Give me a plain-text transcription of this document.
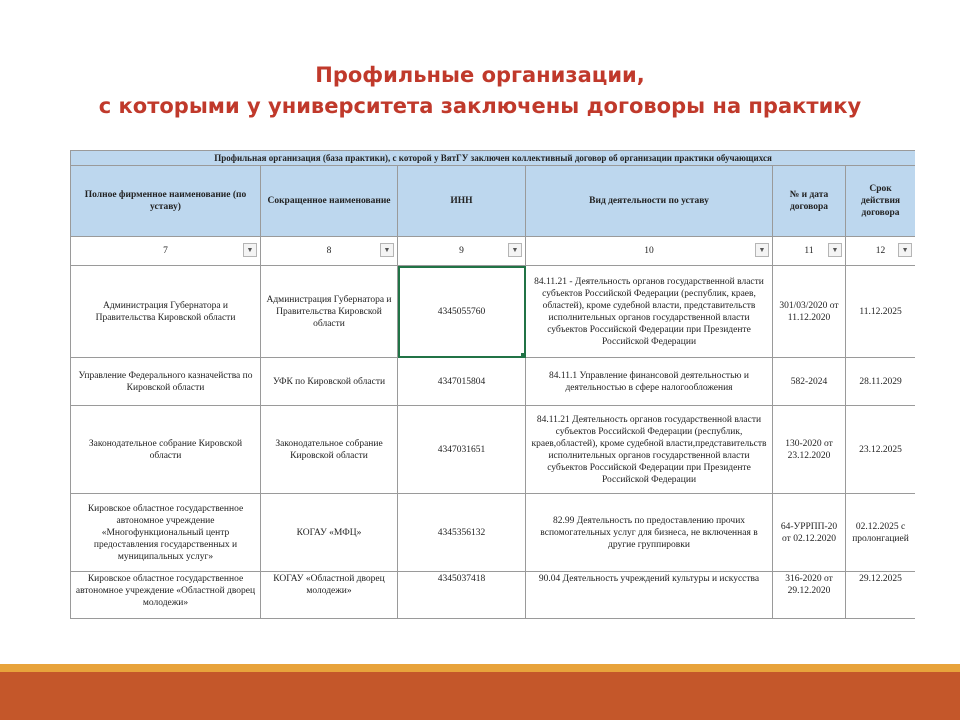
Профильные организации,
с которыми у университета заключены договоры на практику
Профильная организация (база практики), с которой у ВятГУ заключен коллективный договор об организации практики обучающихся					
Полное фирменное наименование (по уставу)	Сокращенное наименование	ИНН	Вид деятельности по уставу	№ и дата договора	Срок действия договора
7 ▼	8 ▼	9 ▼	10 ▼	11 ▼	12 ▼

Администрация Губернатора и Правительства Кировской области	Администрация Губернатора и Правительства Кировской области	4345055760	84.11.21 - Деятельность органов государственной власти субъектов Российской Федерации (республик, краев, областей), кроме судебной власти, представительств исполнительных органов государственной власти субъектов Российской Федерации при Президенте Российской Федерации	301/03/2020 от 11.12.2020	11.12.2025
Управление Федерального казначейства по Кировской области	УФК по Кировской области	4347015804	84.11.1 Управление финансовой деятельностью и деятельностью в сфере налогообложения	582-2024	28.11.2029
Законодательное собрание Кировской области	Законодательное собрание Кировской области	4347031651	84.11.21 Деятельность органов государственной власти субъектов Российской Федерации (республик, краев,областей), кроме судебной власти,представительств исполнительных органов государственной власти субъектов Российской Федерации при Президенте Российской Федерации	130-2020 от 23.12.2020	23.12.2025
Кировское областное государственное автономное учреждение «Многофункциональный центр предоставления государственных и муниципальных услуг»	КОГАУ «МФЦ»	4345356132	82.99 Деятельность по предоставлению прочих вспомогательных услуг для бизнеса, не включенная в другие группировки	64-УРРПП-20 от 02.12.2020	02.12.2025 с пролонгацией
Кировское областное государственное автономное учреждение «Областной дворец молодежи»	КОГАУ «Областной дворец молодежи»	4345037418	90.04 Деятельность учреждений культуры и искусства	316-2020 от 29.12.2020	29.12.2025
